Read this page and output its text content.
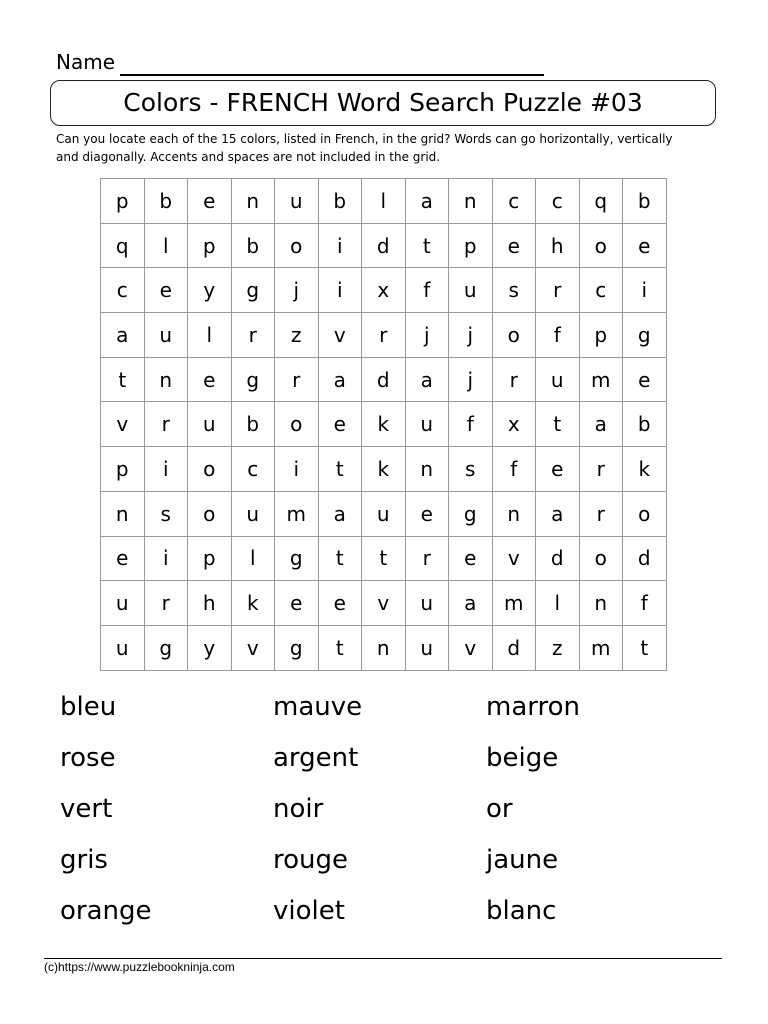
Name
Colors - FRENCH Word Search Puzzle #03
Can you locate each of the 15 colors, listed in French, in the grid? Words can go horizontally, vertically and diagonally. Accents and spaces are not included in the grid.
p	b	e	n	u	b	l	a	n	c	c	q	b
q	l	p	b	o	i	d	t	p	e	h	o	e
c	e	y	g	j	i	x	f	u	s	r	c	i
a	u	l	r	z	v	r	j	j	o	f	p	g
t	n	e	g	r	a	d	a	j	r	u	m	e
v	r	u	b	o	e	k	u	f	x	t	a	b
p	i	o	c	i	t	k	n	s	f	e	r	k
n	s	o	u	m	a	u	e	g	n	a	r	o
e	i	p	l	g	t	t	r	e	v	d	o	d
u	r	h	k	e	e	v	u	a	m	l	n	f
u	g	y	v	g	t	n	u	v	d	z	m	t
bleu	mauve	marron
rose	argent	beige
vert	noir	or
gris	rouge	jaune
orange	violet	blanc
(c)https://www.puzzlebookninja.com
